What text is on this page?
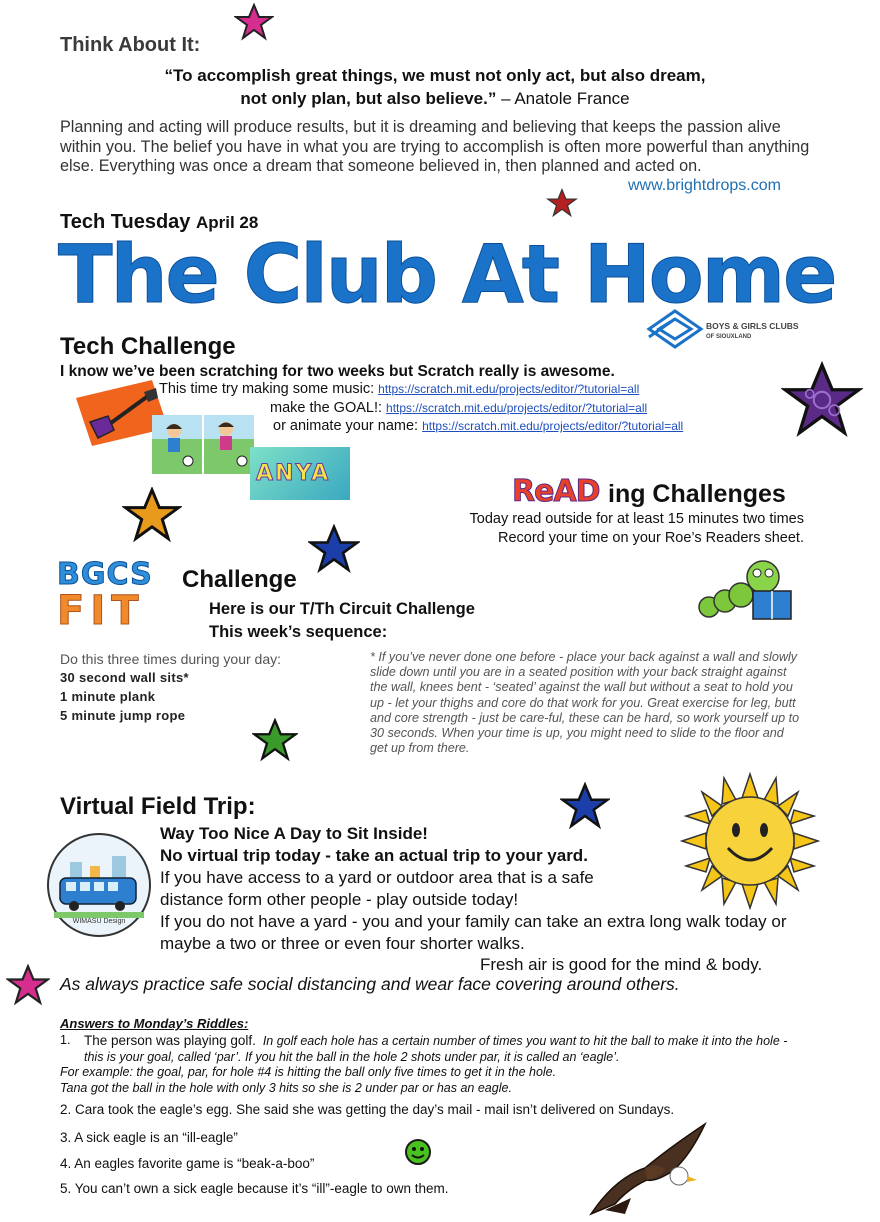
Think About It:
“To accomplish great things, we must not only act, but also dream,
not only plan, but also believe.” – Anatole France
Planning and acting will produce results, but it is dreaming and believing that keeps the passion alive within you. The belief you have in what you are trying to accomplish is often more powerful than anything else. Everything was once a dream that someone believed in, then planned and acted on.
www.brightdrops.com
Tech Tuesday April 28
The Club At Home
BOYS & GIRLS CLUBS
OF SIOUXLAND
Tech Challenge
I know we’ve been scratching for two weeks but Scratch really is awesome.
This time try making some music: https://scratch.mit.edu/projects/editor/?tutorial=all
make the GOAL!: https://scratch.mit.edu/projects/editor/?tutorial=all
or animate your name: https://scratch.mit.edu/projects/editor/?tutorial=all
ANYA
ReAD ing Challenges
Today read outside for at least 15 minutes two times
Record your time on your Roe’s Readers sheet.
BGCS
FIT
Challenge
Here is our T/Th Circuit Challenge
This week’s sequence:
Do this three times during your day:
30 second wall sits*
1 minute plank
5 minute jump rope
* If you’ve never done one before - place your back against a wall and slowly slide down until you are in a seated position with your back straight against the wall, knees bent - ‘seated’ against the wall but without a seat to hold you up - let your thighs and core do that work for you. Great exercise for leg, butt and core strength - just be care-ful, these can be hard, so work yourself up to 30 seconds. When your time is up, you might need to slide to the floor and get up from there.
Virtual Field Trip:
WIMASU Design
Way Too Nice A Day to Sit Inside!
No virtual trip today - take an actual trip to your yard.
If you have access to a yard or outdoor area that is a safe distance form other people - play outside today!
If you do not have a yard - you and your family can take an extra long walk today or maybe a two or three or even four shorter walks.
Fresh air is good for the mind & body.
As always practice safe social distancing and wear face covering around others.
Answers to Monday’s Riddles:
1.	The person was playing golf. In golf each hole has a certain number of times you want to hit the ball to make it into the hole - this is your goal, called ‘par’. If you hit the ball in the hole 2 shots under par, it is called an ‘eagle’.
For example: the goal, par, for hole #4 is hitting the ball only five times to get it in the hole.
Tana got the ball in the hole with only 3 hits so she is 2 under par or has an eagle.
2. Cara took the eagle’s egg. She said she was getting the day’s mail - mail isn’t delivered on Sundays.
3. A sick eagle is an “ill-eagle”
4. An eagles favorite game is “beak-a-boo”
5. You can’t own a sick eagle because it’s “ill”-eagle to own them.
